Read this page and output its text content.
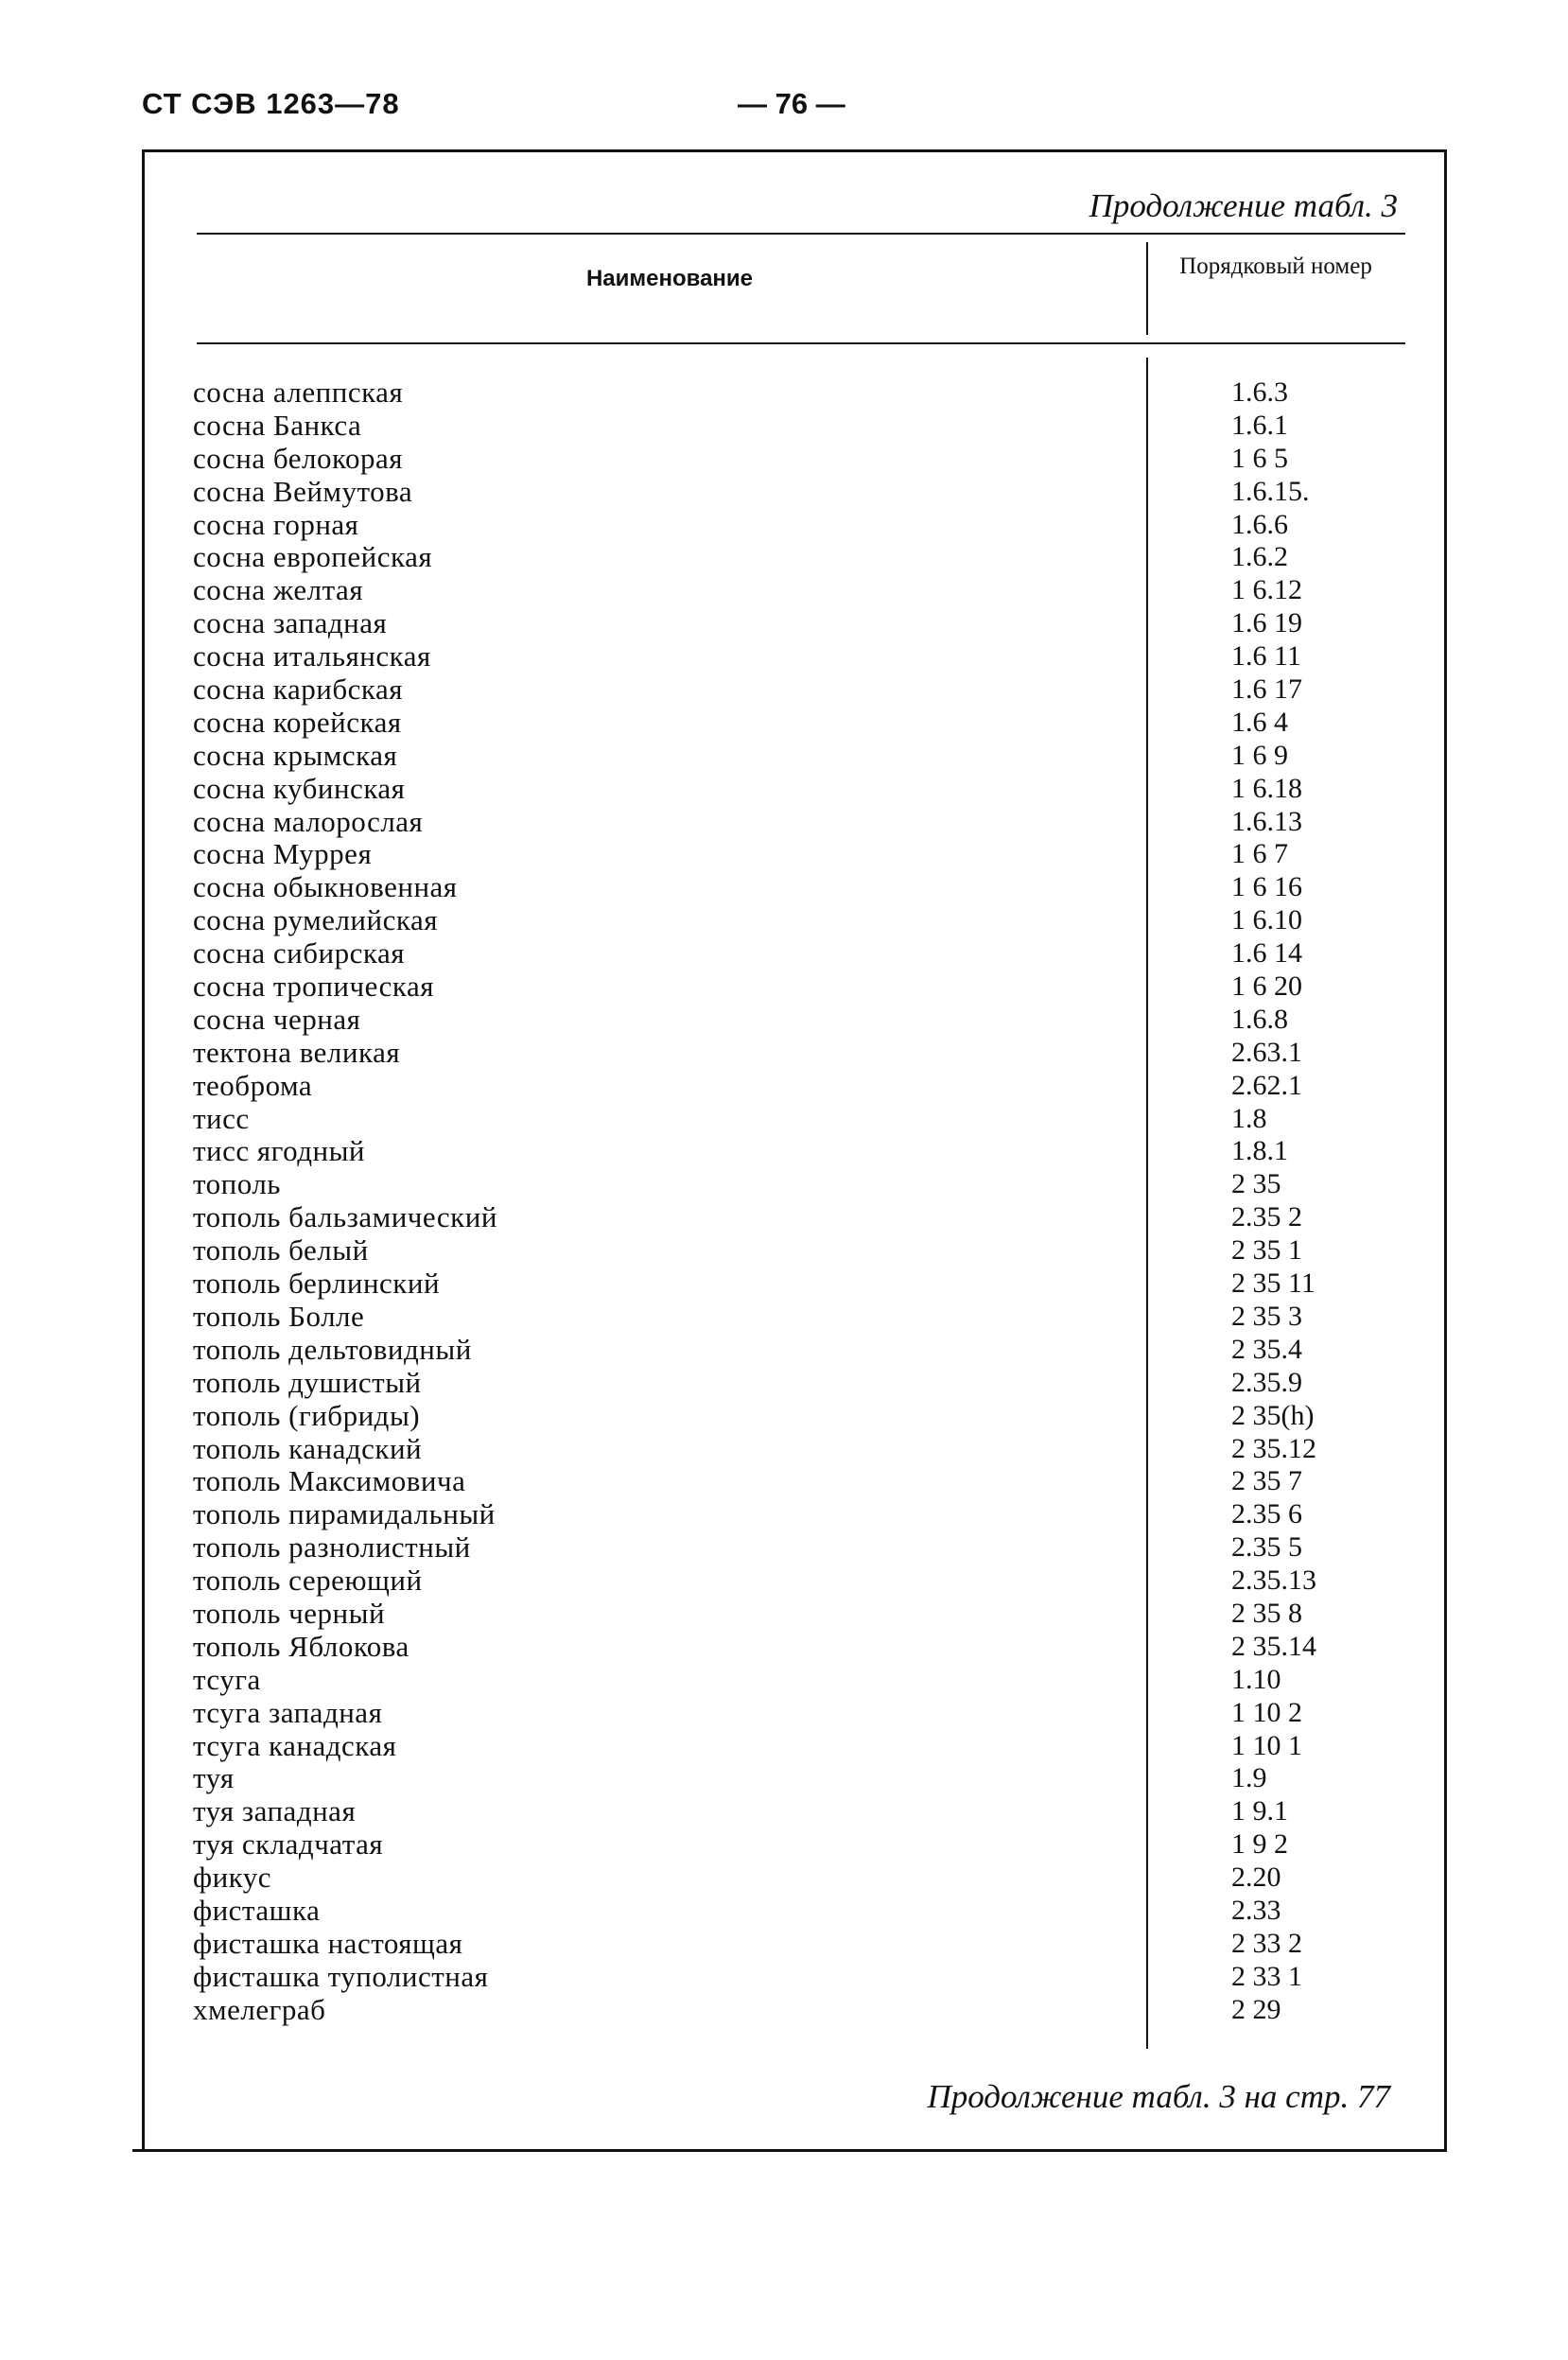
СТ СЭВ 1263—78	— 76 —
Продолжение табл. 3
Наименование	Порядковый номер
сосна алеппская	1.6.3
сосна Банкса	1.6.1
сосна белокорая	1 6 5
сосна Веймутова	1.6.15.
сосна горная	1.6.6
сосна европейская	1.6.2
сосна желтая	1 6.12
сосна западная	1.6 19
сосна итальянская	1.6 11
сосна карибская	1.6 17
сосна корейская	1.6 4
сосна крымская	1 6 9
сосна кубинская	1 6.18
сосна малорослая	1.6.13
сосна Муррея	1 6 7
сосна обыкновенная	1 6 16
сосна румелийская	1 6.10
сосна сибирская	1.6 14
сосна тропическая	1 6 20
сосна черная	1.6.8
тектона великая	2.63.1
теоброма	2.62.1
тисс	1.8
тисс ягодный	1.8.1
тополь	2 35
тополь бальзамический	2.35 2
тополь белый	2 35 1
тополь берлинский	2 35 11
тополь Болле	2 35 3
тополь дельтовидный	2 35.4
тополь душистый	2.35.9
тополь (гибриды)	2 35(h)
тополь канадский	2 35.12
тополь Максимовича	2 35 7
тополь пирамидальный	2.35 6
тополь разнолистный	2.35 5
тополь сереющий	2.35.13
тополь черный	2 35 8
тополь Яблокова	2 35.14
тсуга	1.10
тсуга западная	1 10 2
тсуга канадская	1 10 1
туя	1.9
туя западная	1 9.1
туя складчатая	1 9 2
фикус	2.20
фисташка	2.33
фисташка настоящая	2 33 2
фисташка туполистная	2 33 1
хмелеграб	2 29
Продолжение табл. 3 на стр. 77
